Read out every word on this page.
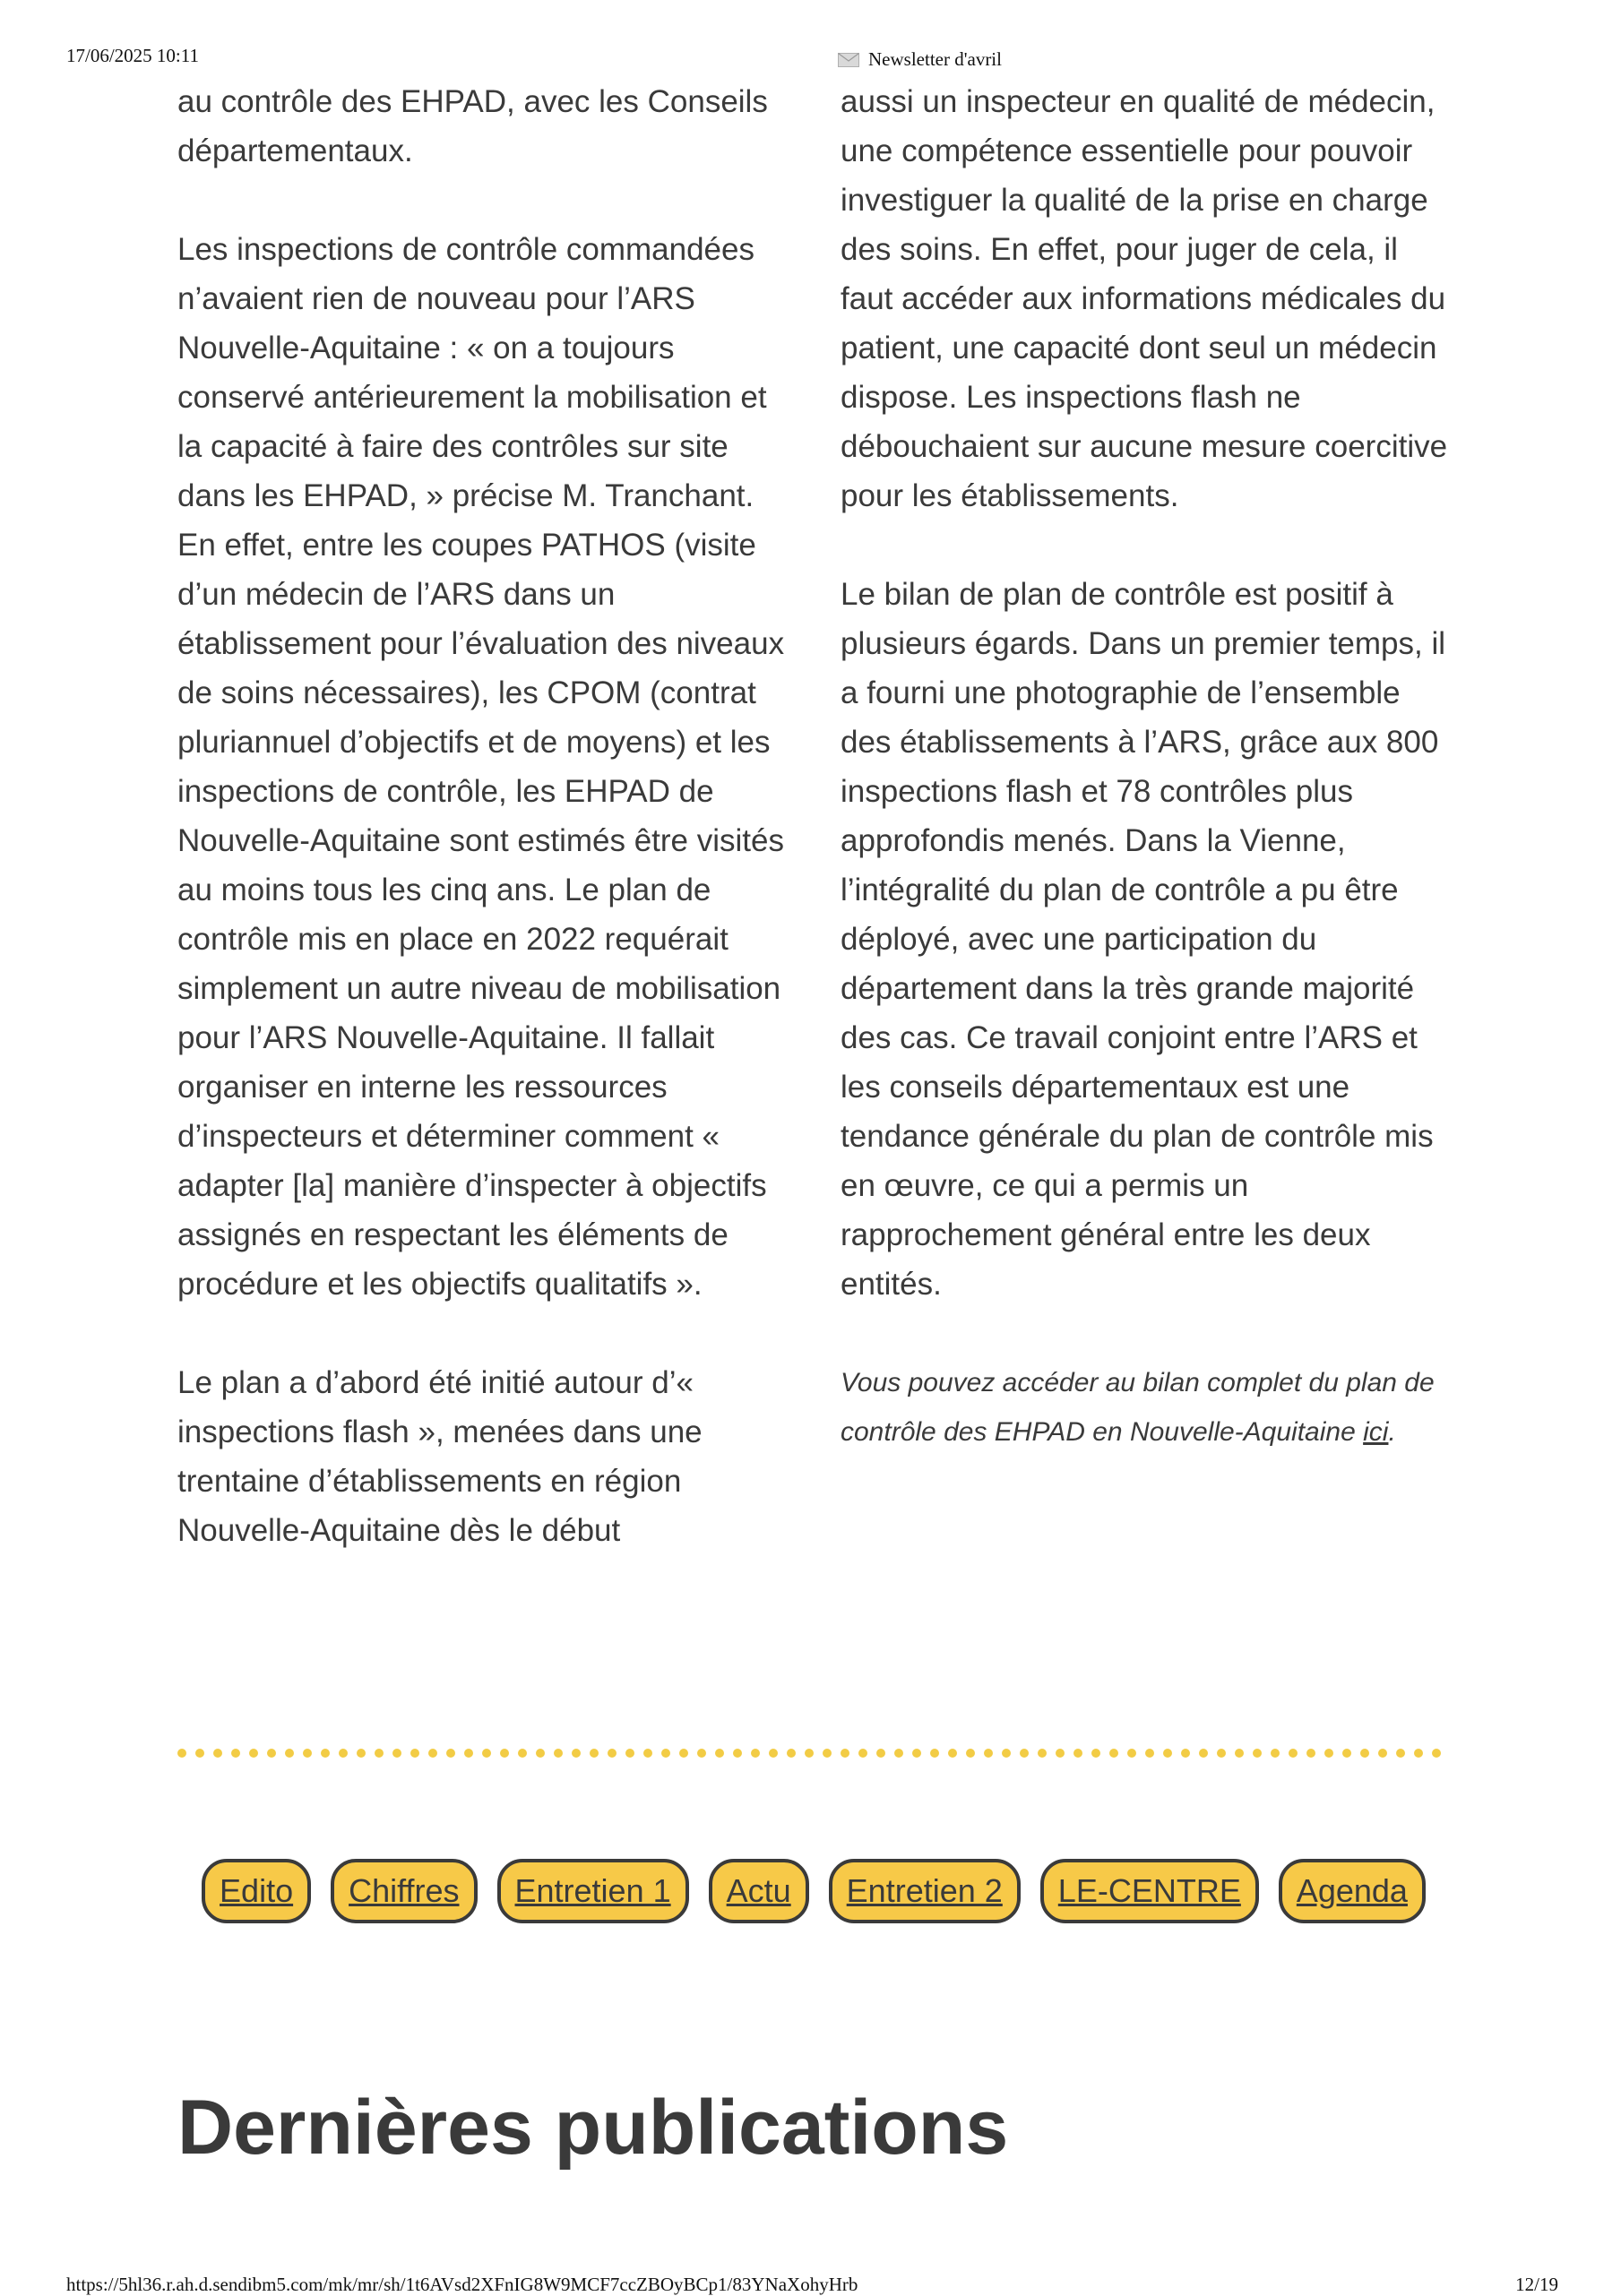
17/06/2025 10:11	Newsletter d'avril

au contrôle des EHPAD, avec les Conseils départementaux.

Les inspections de contrôle commandées n’avaient rien de nouveau pour l’ARS Nouvelle-Aquitaine : « on a toujours conservé antérieurement la mobilisation et la capacité à faire des contrôles sur site dans les EHPAD, » précise M. Tranchant. En effet, entre les coupes PATHOS (visite d’un médecin de l’ARS dans un établissement pour l’évaluation des niveaux de soins nécessaires), les CPOM (contrat pluriannuel d’objectifs et de moyens) et les inspections de contrôle, les EHPAD de Nouvelle-Aquitaine sont estimés être visités au moins tous les cinq ans. Le plan de contrôle mis en place en 2022 requérait simplement un autre niveau de mobilisation pour l’ARS Nouvelle-Aquitaine. Il fallait organiser en interne les ressources d’inspecteurs et déterminer comment « adapter [la] manière d’inspecter à objectifs assignés en respectant les éléments de procédure et les objectifs qualitatifs ».

Le plan a d’abord été initié autour d’« inspections flash », menées dans une trentaine d’établissements en région Nouvelle-Aquitaine dès le début

aussi un inspecteur en qualité de médecin, une compétence essentielle pour pouvoir investiguer la qualité de la prise en charge des soins. En effet, pour juger de cela, il faut accéder aux informations médicales du patient, une capacité dont seul un médecin dispose. Les inspections flash ne débouchaient sur aucune mesure coercitive pour les établissements.

Le bilan de plan de contrôle est positif à plusieurs égards. Dans un premier temps, il a fourni une photographie de l’ensemble des établissements à l’ARS, grâce aux 800 inspections flash et 78 contrôles plus approfondis menés. Dans la Vienne, l’intégralité du plan de contrôle a pu être déployé, avec une participation du département dans la très grande majorité des cas. Ce travail conjoint entre l’ARS et les conseils départementaux est une tendance générale du plan de contrôle mis en œuvre, ce qui a permis un rapprochement général entre les deux entités.

Vous pouvez accéder au bilan complet du plan de contrôle des EHPAD en Nouvelle-Aquitaine ici.

Edito	Chiffres	Entretien 1	Actu	Entretien 2	LE-CENTRE	Agenda
Dernières publications
https://5hl36.r.ah.d.sendibm5.com/mk/mr/sh/1t6AVsd2XFnIG8W9MCF7ccZBOyBCp1/83YNaXohyHrb	12/19
